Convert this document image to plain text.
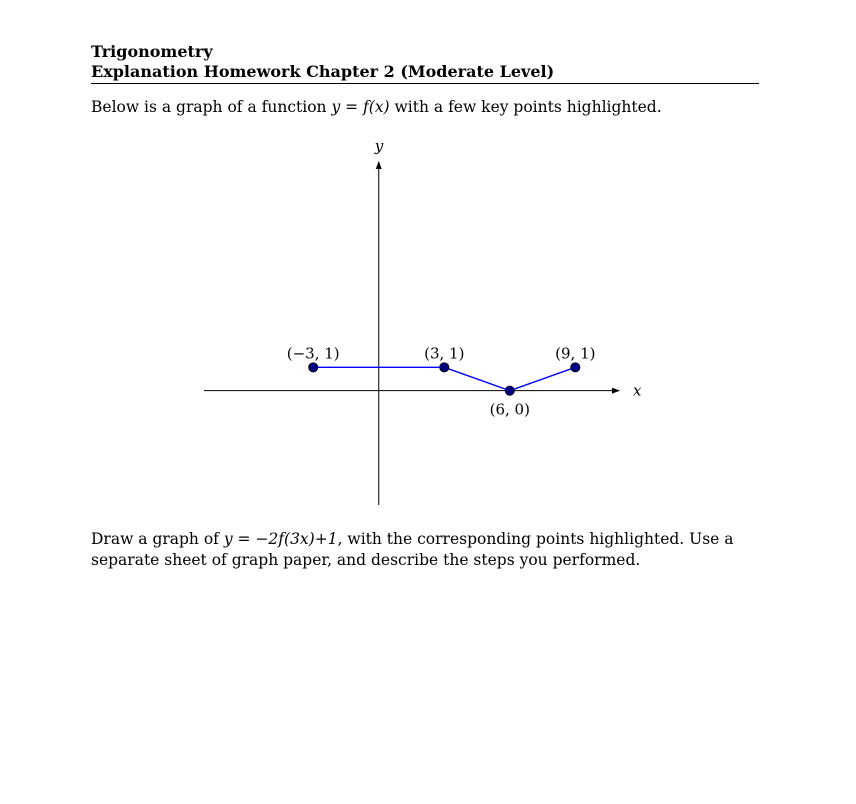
Trigonometry
Explanation Homework Chapter 2 (Moderate Level)
Below is a graph of a function y = f(x) with a few key points highlighted.
x
y
(−3, 1)	(3, 1)
(6, 0)
(9, 1)
Draw a graph of y = −2f(3x)+1, with the corresponding points highlighted. Use a separate sheet of graph paper, and describe the steps you performed.
